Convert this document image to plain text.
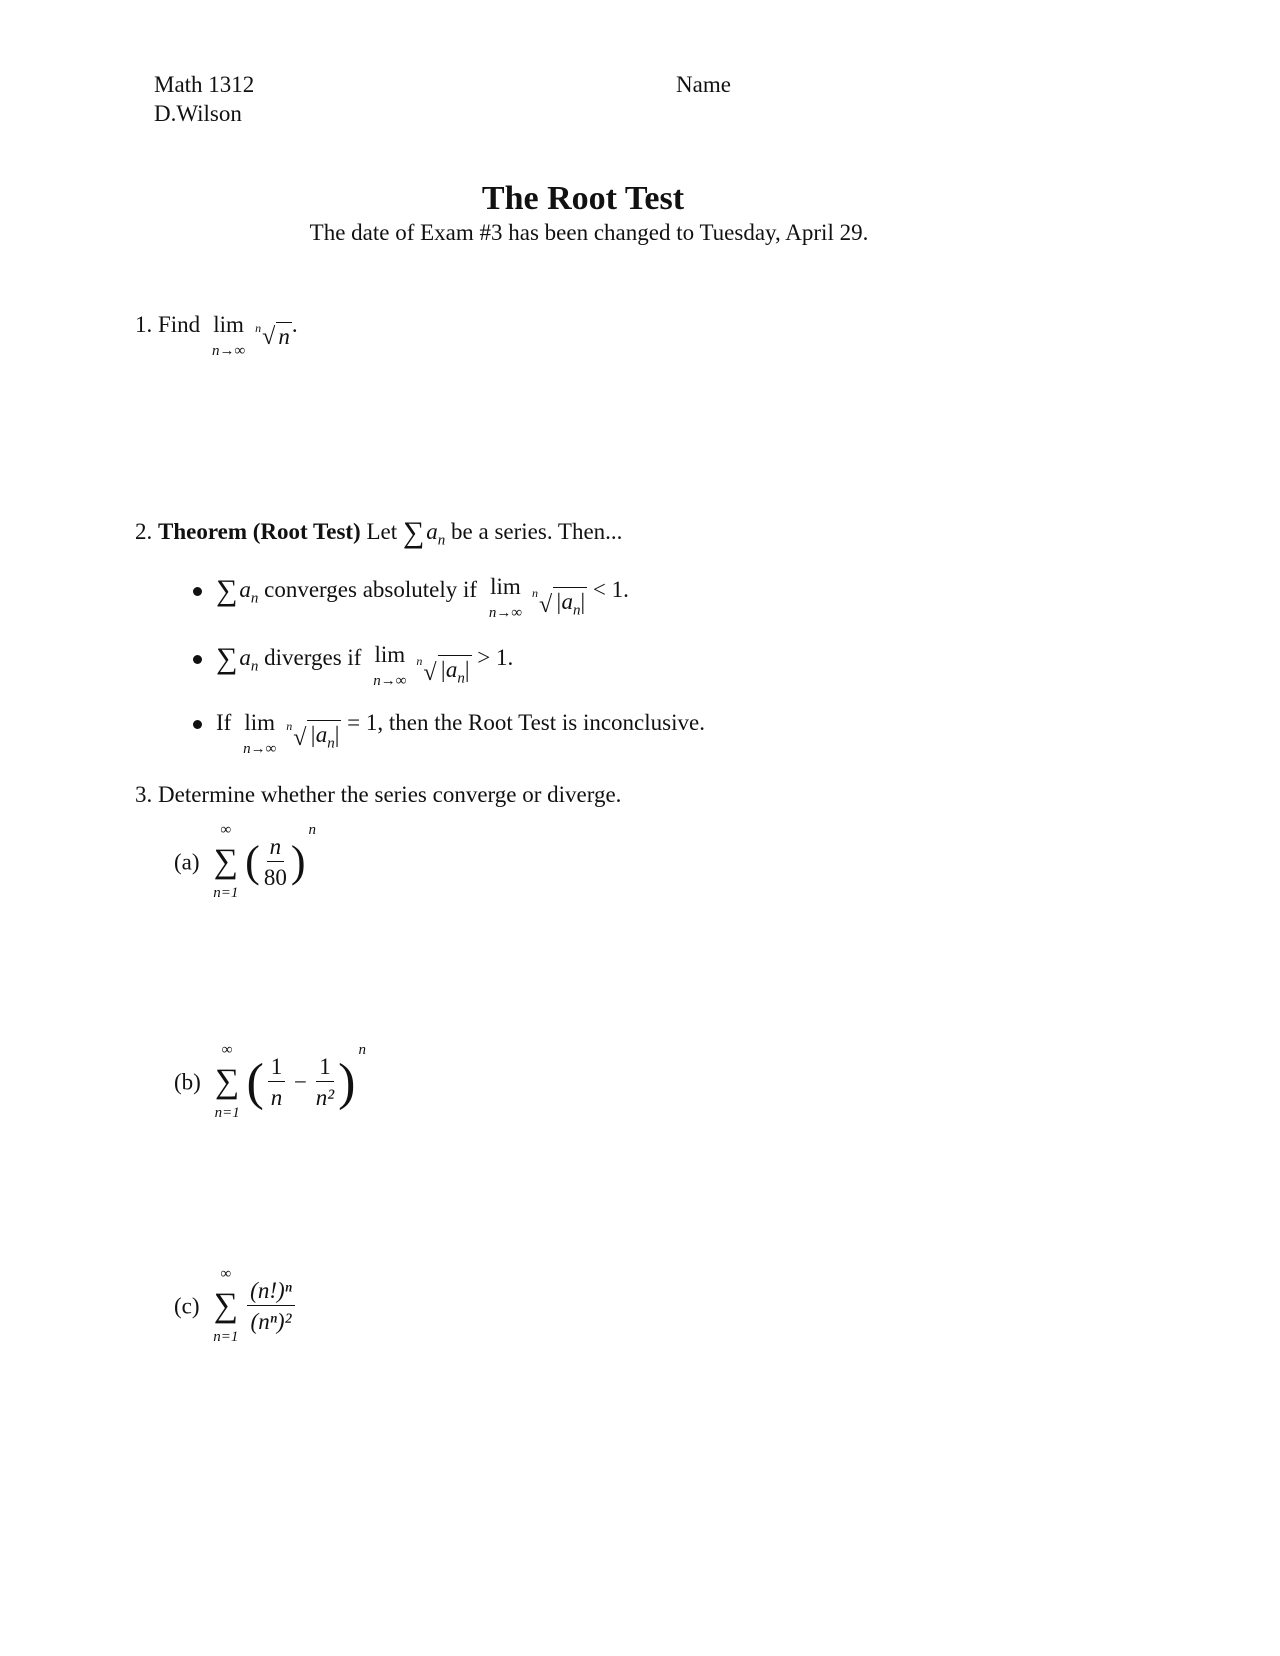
Math 1312
D.Wilson
Name
The Root Test
The date of Exam #3 has been changed to Tuesday, April 29.
1. Find lim
n→∞
n √ n .
2. Theorem (Root Test) Let $\sum a_n$ be a series. Then...
$\sum a_n$ converges absolutely if lim
n→∞
n √ $|a_n| < 1$.
$\sum a_n$ diverges if lim
n→∞
n √ $|a_n| > 1$.
If lim
n→∞
n √ $|a_n| = 1$, then the Root Test is inconclusive.
3. Determine whether the series converge or diverge.
(a)
∞
∑
n=1
( $\frac{n}{80} )n$
(b)
∞
∑
n=1
( $\frac{1}{n} - \frac{1}{\text{n²}} )n$
(c)
∞
∑
n=1

$\frac{\text{(n!)ⁿ}}{\text{(nⁿ)²}}$
